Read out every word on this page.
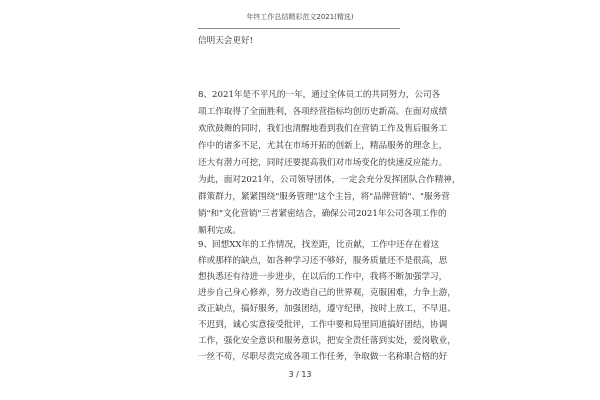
年终工作总结精彩范文2021(精选)
信明天会更好!
8、2021年是不平凡的一年，通过全体员工的共同努力，公司各
项工作取得了全面胜利，各项经营指标均创历史新高。在面对成绩
欢欣鼓舞的同时，我们也清醒地看到我们在营销工作及售后服务工
作中的诸多不足，尤其在市场开拓的创新上，精品服务的理念上，
还大有潜力可挖，同时还要提高我们对市场变化的快速反应能力。
为此，面对2021年，公司领导团体，一定会充分发挥团队合作精神，
群策群力，紧紧围绕"服务管理"这个主旨，将"品牌营销"、"服务营
销"和"文化营销"三者紧密结合，确保公司2021年公司各项工作的
顺利完成。
9、回想XX年的工作情况，找差距，比贡献，工作中还存在着这
样或那样的缺点，如各种学习还不够好，服务质量还不是很高，思
想执悉还有待进一步进步，在以后的工作中，我将不断加强学习，
进步自己身心修养，努力改造自己的世界观，克服困难，力争上游，
改正缺点，搞好服务，加强团结，遵守纪律，按时上放工，不早退、
不迟到，诚心实意接受批评，工作中要和局里同道搞好团结，协调
工作，强化安全意识和服务意识，把安全责任落到实处，爱岗敬业，
一丝不苟，尽职尽责完成各项工作任务，争取做一名称职合格的好
3 / 13
